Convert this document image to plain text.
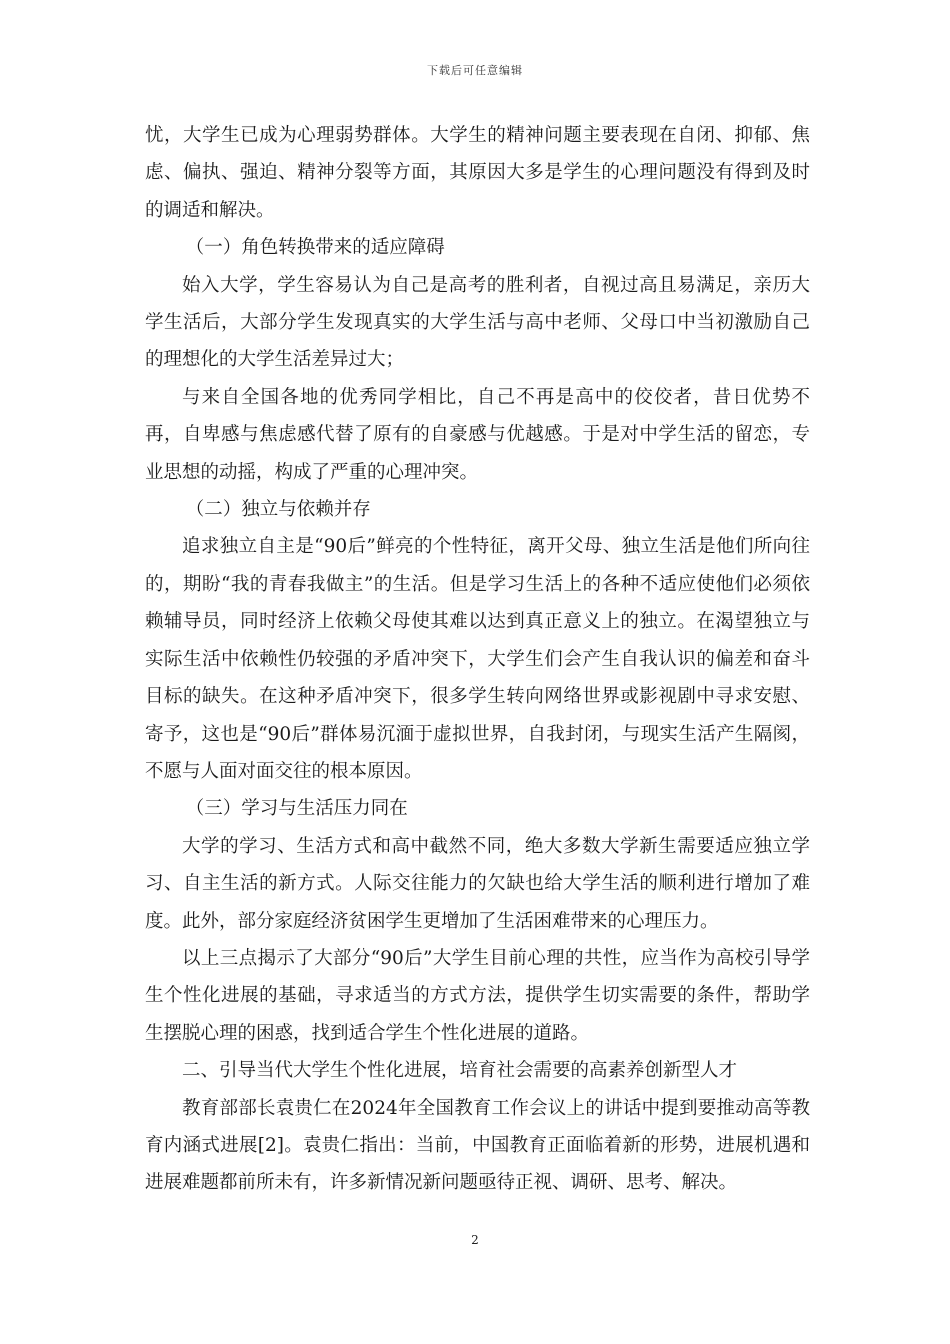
下载后可任意编辑

忧，大学生已成为心理弱势群体。大学生的精神问题主要表现在自闭、抑郁、焦虑、偏执、强迫、精神分裂等方面，其原因大多是学生的心理问题没有得到及时的调适和解决。

（一）角色转换带来的适应障碍

始入大学，学生容易认为自己是高考的胜利者，自视过高且易满足，亲历大学生活后，大部分学生发现真实的大学生活与高中老师、父母口中当初激励自己的理想化的大学生活差异过大；

与来自全国各地的优秀同学相比，自己不再是高中的佼佼者，昔日优势不再，自卑感与焦虑感代替了原有的自豪感与优越感。于是对中学生活的留恋，专业思想的动摇，构成了严重的心理冲突。

（二）独立与依赖并存

追求独立自主是“90后”鲜亮的个性特征，离开父母、独立生活是他们所向往的，期盼“我的青春我做主”的生活。但是学习生活上的各种不适应使他们必须依赖辅导员，同时经济上依赖父母使其难以达到真正意义上的独立。在渴望独立与实际生活中依赖性仍较强的矛盾冲突下，大学生们会产生自我认识的偏差和奋斗目标的缺失。在这种矛盾冲突下，很多学生转向网络世界或影视剧中寻求安慰、寄予，这也是“90后”群体易沉湎于虚拟世界，自我封闭，与现实生活产生隔阂，不愿与人面对面交往的根本原因。

（三）学习与生活压力同在

大学的学习、生活方式和高中截然不同，绝大多数大学新生需要适应独立学习、自主生活的新方式。人际交往能力的欠缺也给大学生活的顺利进行增加了难度。此外，部分家庭经济贫困学生更增加了生活困难带来的心理压力。

以上三点揭示了大部分“90后”大学生目前心理的共性，应当作为高校引导学生个性化进展的基础，寻求适当的方式方法，提供学生切实需要的条件，帮助学生摆脱心理的困惑，找到适合学生个性化进展的道路。

二、引导当代大学生个性化进展，培育社会需要的高素养创新型人才

教育部部长袁贵仁在2024年全国教育工作会议上的讲话中提到要推动高等教育内涵式进展[2]。袁贵仁指出：当前，中国教育正面临着新的形势，进展机遇和进展难题都前所未有，许多新情况新问题亟待正视、调研、思考、解决。

2
